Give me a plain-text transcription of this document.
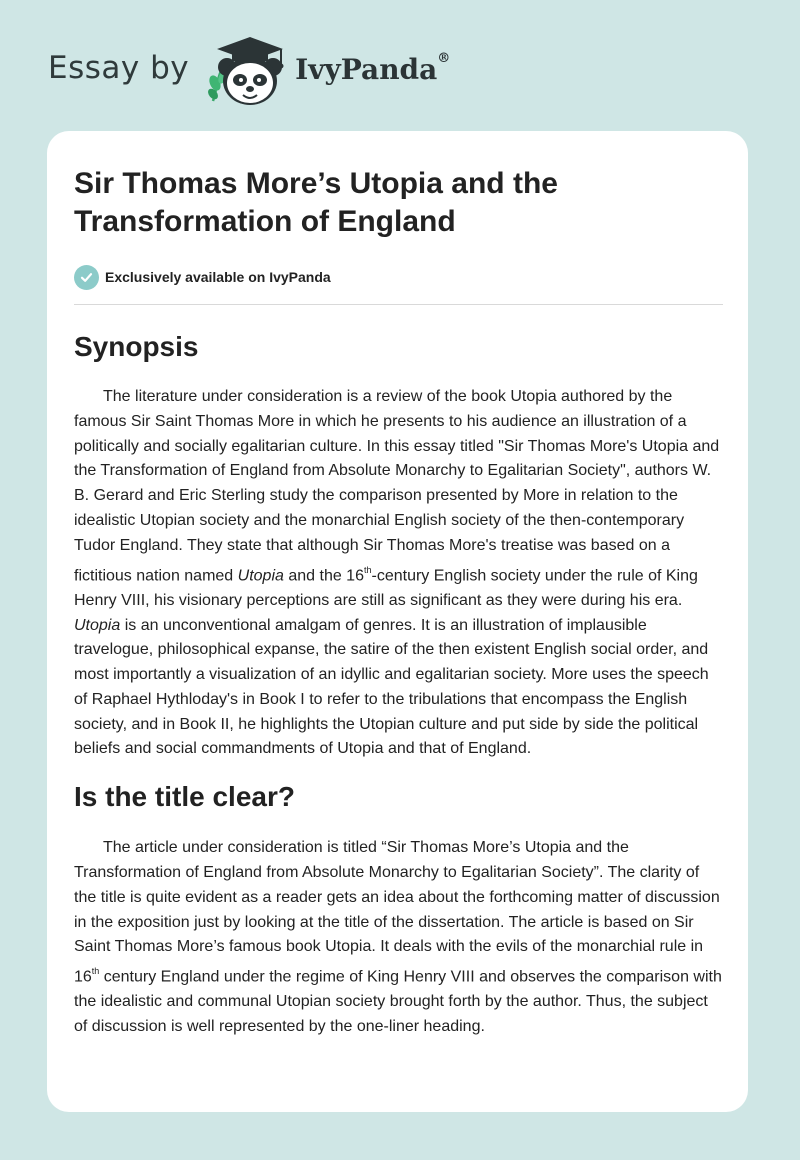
Essay by	IvyPanda®
Sir Thomas More’s Utopia and the Transformation of England
Exclusively available on IvyPanda
Synopsis

The literature under consideration is a review of the book Utopia authored by the famous Sir Saint Thomas More in which he presents to his audience an illustration of a politically and socially egalitarian culture. In this essay titled "Sir Thomas More's Utopia and the Transformation of England from Absolute Monarchy to Egalitarian Society", authors W. B. Gerard and Eric Sterling study the comparison presented by More in relation to the idealistic Utopian society and the monarchial English society of the then-contemporary Tudor England. They state that although Sir Thomas More's treatise was based on a fictitious nation named Utopia and the 16th-century English society under the rule of King Henry VIII, his visionary perceptions are still as significant as they were during his era. Utopia is an unconventional amalgam of genres. It is an illustration of implausible travelogue, philosophical expanse, the satire of the then existent English social order, and most importantly a visualization of an idyllic and egalitarian society. More uses the speech of Raphael Hythloday's in Book I to refer to the tribulations that encompass the English society, and in Book II, he highlights the Utopian culture and put side by side the political beliefs and social commandments of Utopia and that of England.

Is the title clear?

The article under consideration is titled “Sir Thomas More’s Utopia and the Transformation of England from Absolute Monarchy to Egalitarian Society”. The clarity of the title is quite evident as a reader gets an idea about the forthcoming matter of discussion in the exposition just by looking at the title of the dissertation. The article is based on Sir Saint Thomas More’s famous book Utopia. It deals with the evils of the monarchial rule in 16th century England under the regime of King Henry VIII and observes the comparison with the idealistic and communal Utopian society brought forth by the author. Thus, the subject of discussion is well represented by the one-liner heading.
